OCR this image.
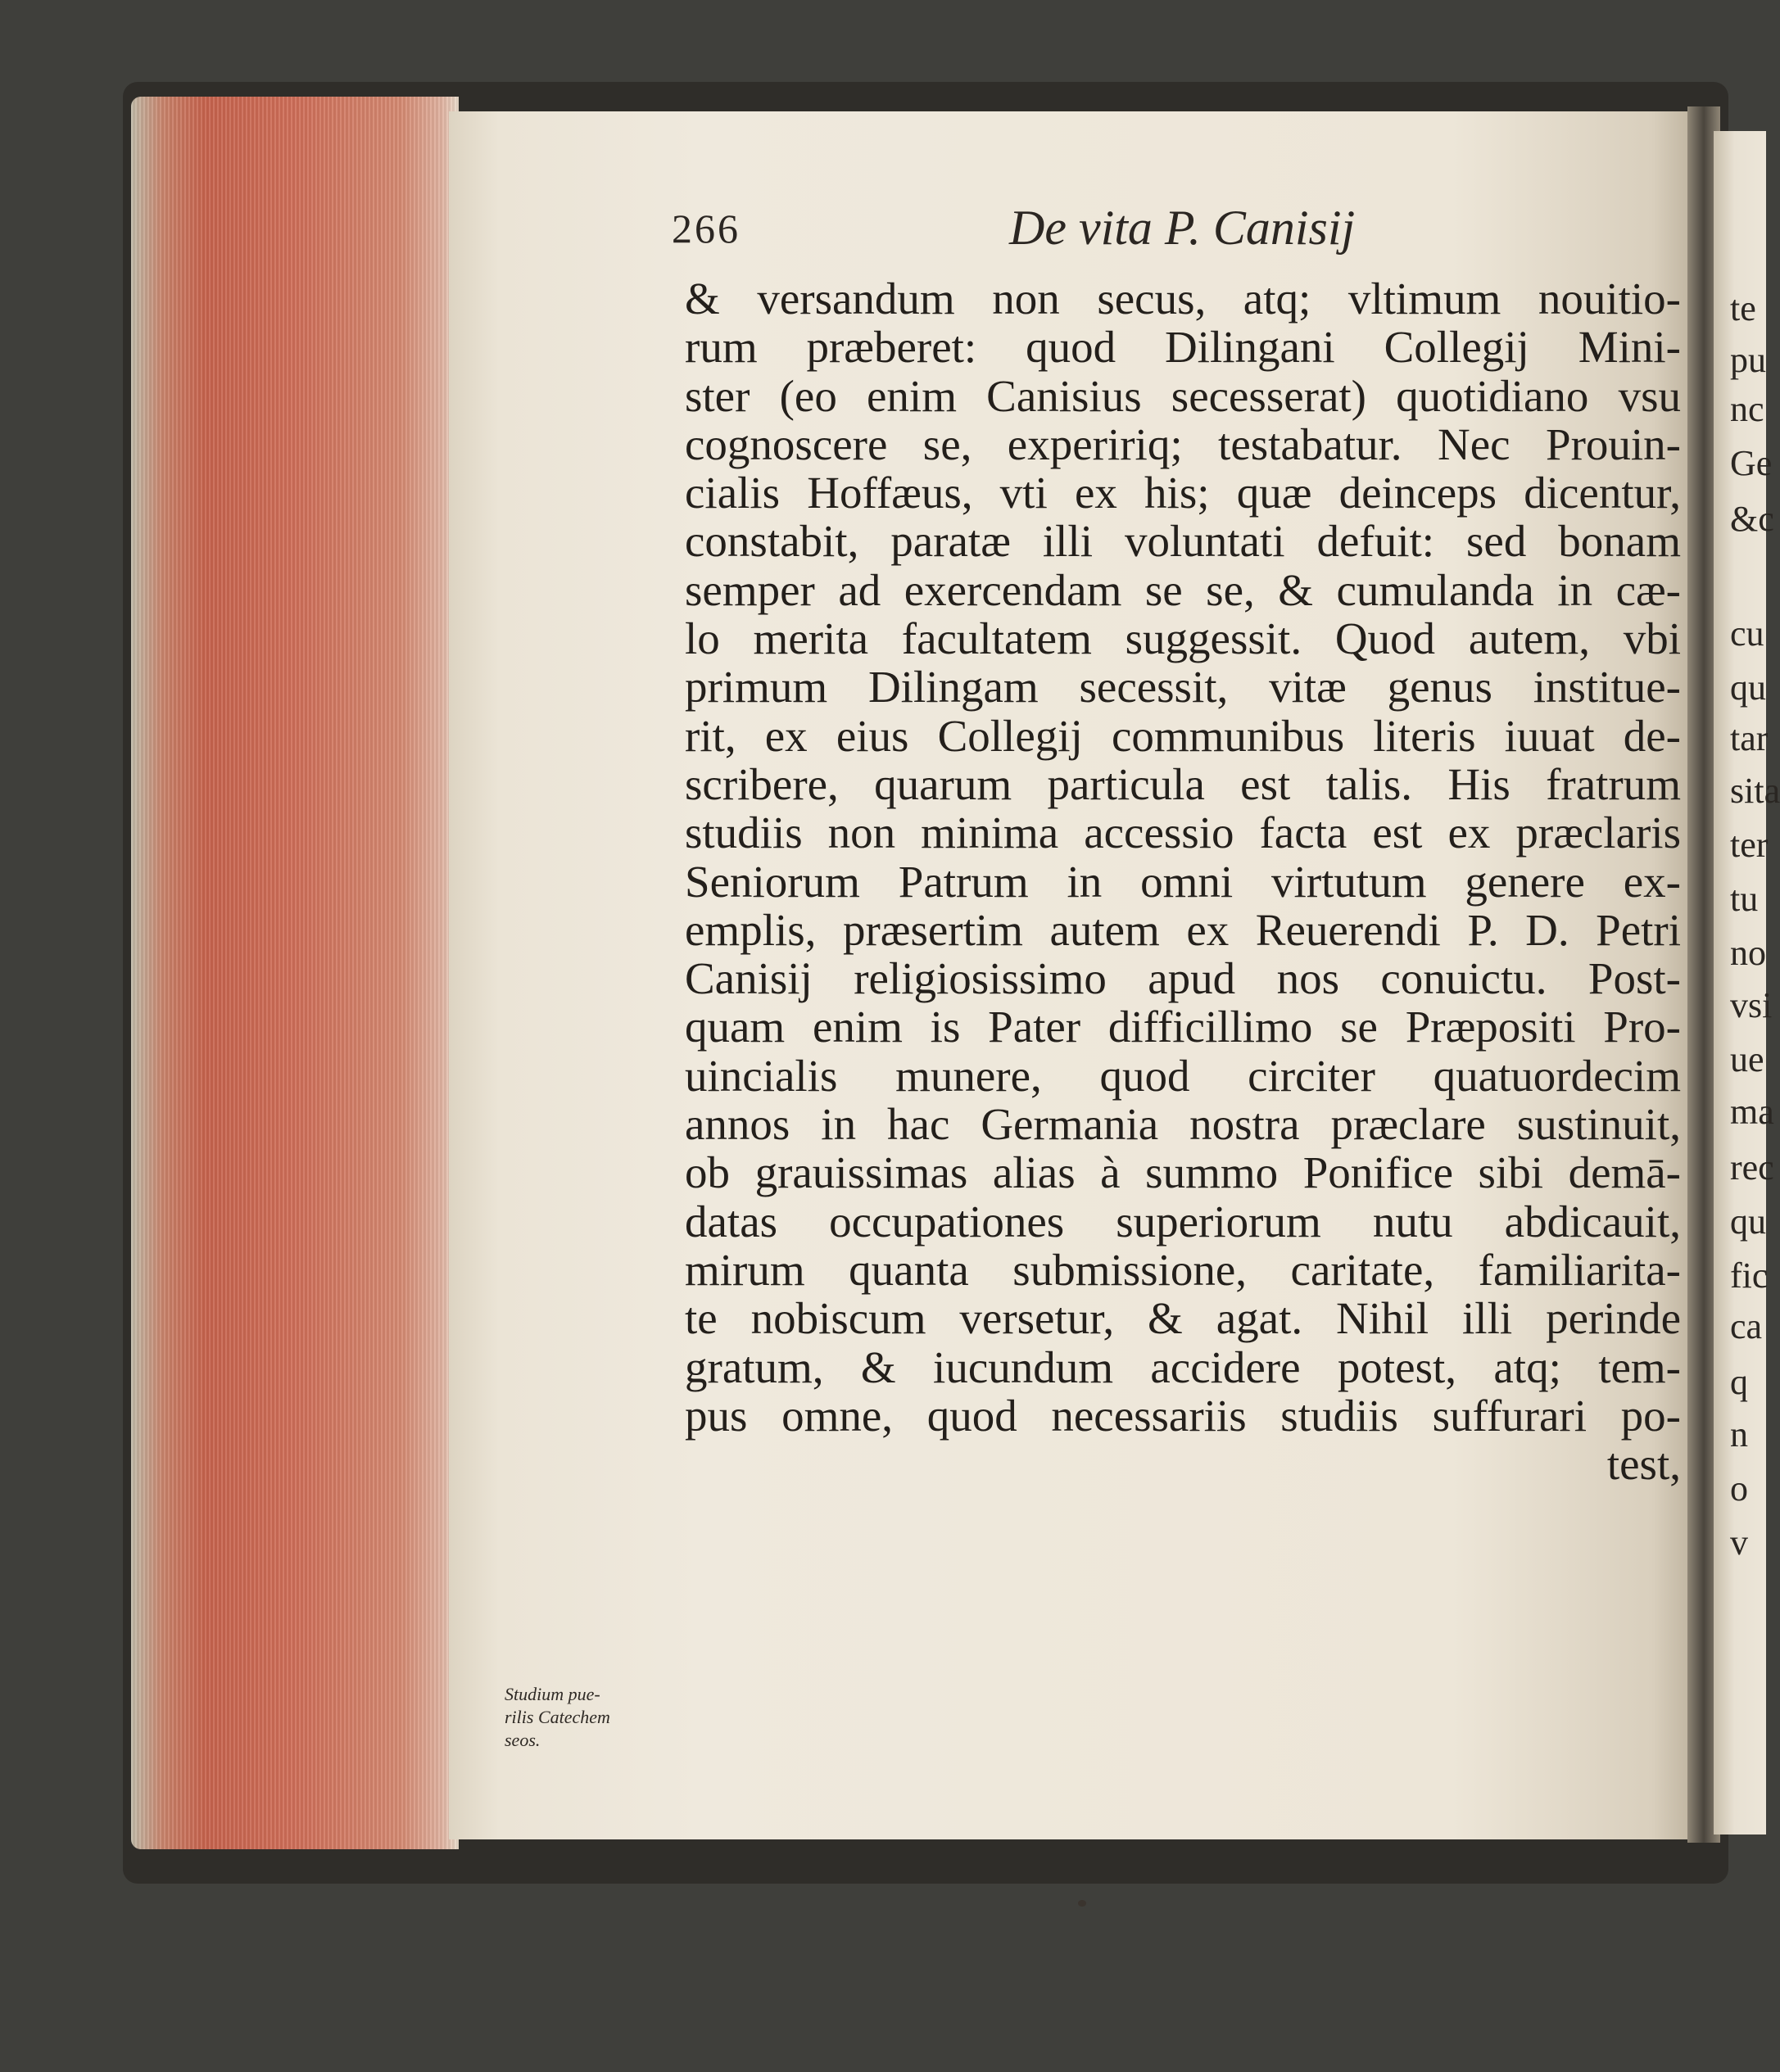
te
pu
nc
Ge
&c
cu
qu
tar
sita
ter
tu
no
vsi
ue
ma
rec
qu
fic
ca
q
n
o
v
266	De vita P. Canisij
& versandum non secus, atq; vltimum nouitio-
rum præberet: quod Dilingani Collegij Mini-
ster (eo enim Canisius secesserat) quotidiano vsu
cognoscere se, expeririq; testabatur. Nec Prouin-
cialis Hoffæus, vti ex his; quæ deinceps dicentur,
constabit, paratæ illi voluntati defuit: sed bonam
semper ad exercendam se se, & cumulanda in cæ-
lo merita facultatem suggessit. Quod autem, vbi
primum Dilingam secessit, vitæ genus institue-
rit, ex eius Collegij communibus literis iuuat de-
scribere, quarum particula est talis. His fratrum
studiis non minima accessio facta est ex præclaris
Seniorum Patrum in omni virtutum genere ex-
emplis, præsertim autem ex Reuerendi P. D. Petri
Canisij religiosissimo apud nos conuictu. Post-
quam enim is Pater difficillimo se Præpositi Pro-
uincialis munere, quod circiter quatuordecim
annos in hac Germania nostra præclare sustinuit,
ob grauissimas alias à summo Ponifice sibi demā-
datas occupationes superiorum nutu abdicauit,
mirum quanta submissione, caritate, familiarita-
te nobiscum versetur, & agat. Nihil illi perinde
gratum, & iucundum accidere potest, atq; tem-
pus omne, quod necessariis studiis suffurari po-
test,
Studium pue-
rilis Catechem
seos.
